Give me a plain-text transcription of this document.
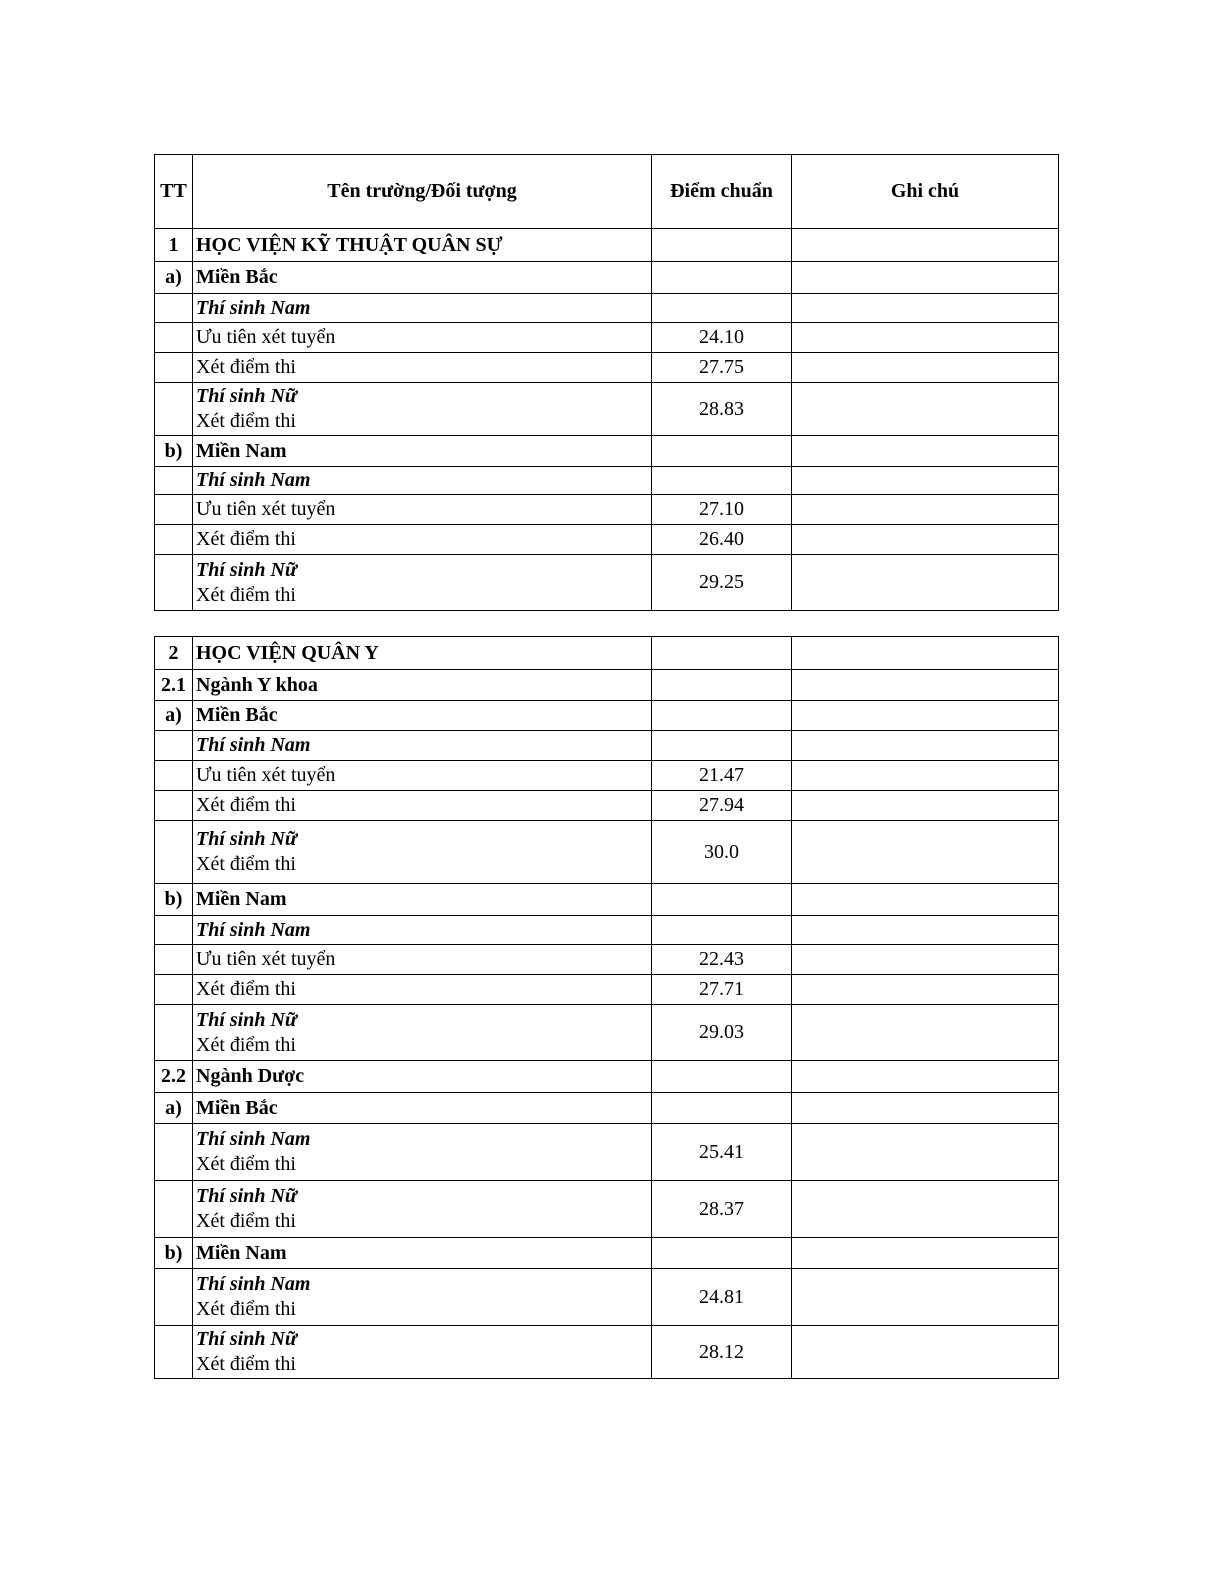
TT	Tên trường/Đối tượng	Điểm chuẩn	Ghi chú
1	HỌC VIỆN KỸ THUẬT QUÂN SỰ		

a)	Miền Bắc		

	Thí sinh Nam		

	Ưu tiên xét tuyển	24.10	

	Xét điểm thi	27.75	

	Thí sinh Nữ
Xét điểm thi	28.83	
b)	Miền Nam		

	Thí sinh Nam		

	Ưu tiên xét tuyển	27.10	

	Xét điểm thi	26.40	

	Thí sinh Nữ
Xét điểm thi	29.25	
2	HỌC VIỆN QUÂN Y		

2.1	Ngành Y khoa		

a)	Miền Bắc		

	Thí sinh Nam		

	Ưu tiên xét tuyển	21.47	

	Xét điểm thi	27.94	

	Thí sinh Nữ
Xét điểm thi	30.0	
b)	Miền Nam		

	Thí sinh Nam		

	Ưu tiên xét tuyển	22.43	

	Xét điểm thi	27.71	

	Thí sinh Nữ
Xét điểm thi	29.03	
2.2	Ngành Dược		

a)	Miền Bắc		

	Thí sinh Nam
Xét điểm thi	25.41	

	Thí sinh Nữ
Xét điểm thi	28.37	
b)	Miền Nam		

	Thí sinh Nam
Xét điểm thi	24.81	

	Thí sinh Nữ
Xét điểm thi	28.12	
